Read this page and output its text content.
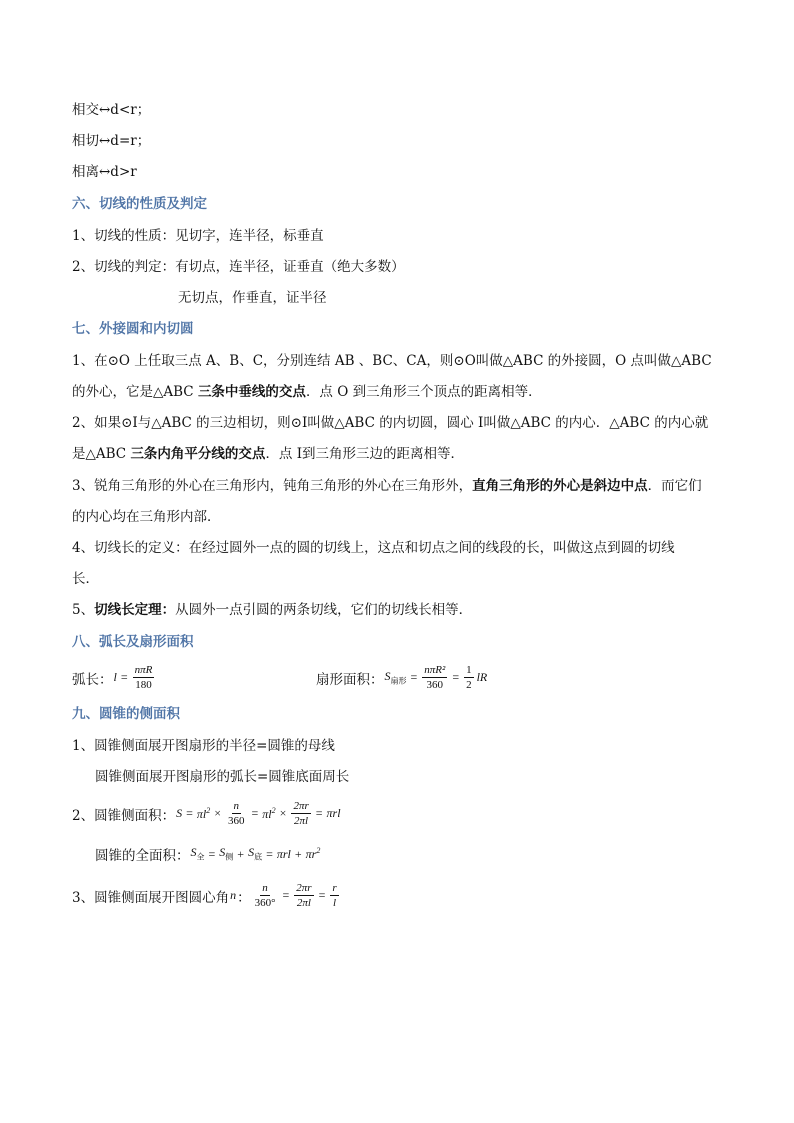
相交↔d<r；
相切↔d=r；
相离↔d>r
六、切线的性质及判定
1、切线的性质：见切字，连半径，标垂直
2、切线的判定：有切点，连半径，证垂直（绝大多数）
无切点，作垂直，证半径
七、外接圆和内切圆
1、在⊙O 上任取三点 A、B、C，分别连结 AB 、BC、CA，则⊙O叫做△ABC 的外接圆，O 点叫做△ABC
的外心，它是△ABC 三条中垂线的交点．点 O 到三角形三个顶点的距离相等．
2、如果⊙I与△ABC 的三边相切，则⊙I叫做△ABC 的内切圆，圆心 I叫做△ABC 的内心．△ABC 的内心就
是△ABC 三条内角平分线的交点．点 I到三角形三边的距离相等．
3、锐角三角形的外心在三角形内，钝角三角形的外心在三角形外，直角三角形的外心是斜边中点．而它们
的内心均在三角形内部．
4、切线长的定义：在经过圆外一点的圆的切线上，这点和切点之间的线段的长，叫做这点到圆的切线
长．
5、切线长定理：从圆外一点引圆的两条切线，它们的切线长相等．
八、弧长及扇形面积
弧长： $l = \frac{\text{nπR}}{180}$	扇形面积： $S_{扇形} = \frac{\text{nπR²}}{360} = \frac{1}{2}$ lR
九、圆锥的侧面积
1、圆锥侧面展开图扇形的半径=圆锥的母线
圆锥侧面展开图扇形的弧长=圆锥底面周长
2、圆锥侧面积： $S = \pi l^2 \times \frac{n}{360} = \pi l^2 \times \frac{2\pi r}{2\pi l} = \pi rl$
圆锥的全面积： $S_全 = S_侧 + S_底 = \pi rl + \pi r^2$
3、圆锥侧面展开图圆心角 n ： $\frac{n}{360^\circ} = \frac{2\pi r}{2\pi l} = \frac{r}{l}$
